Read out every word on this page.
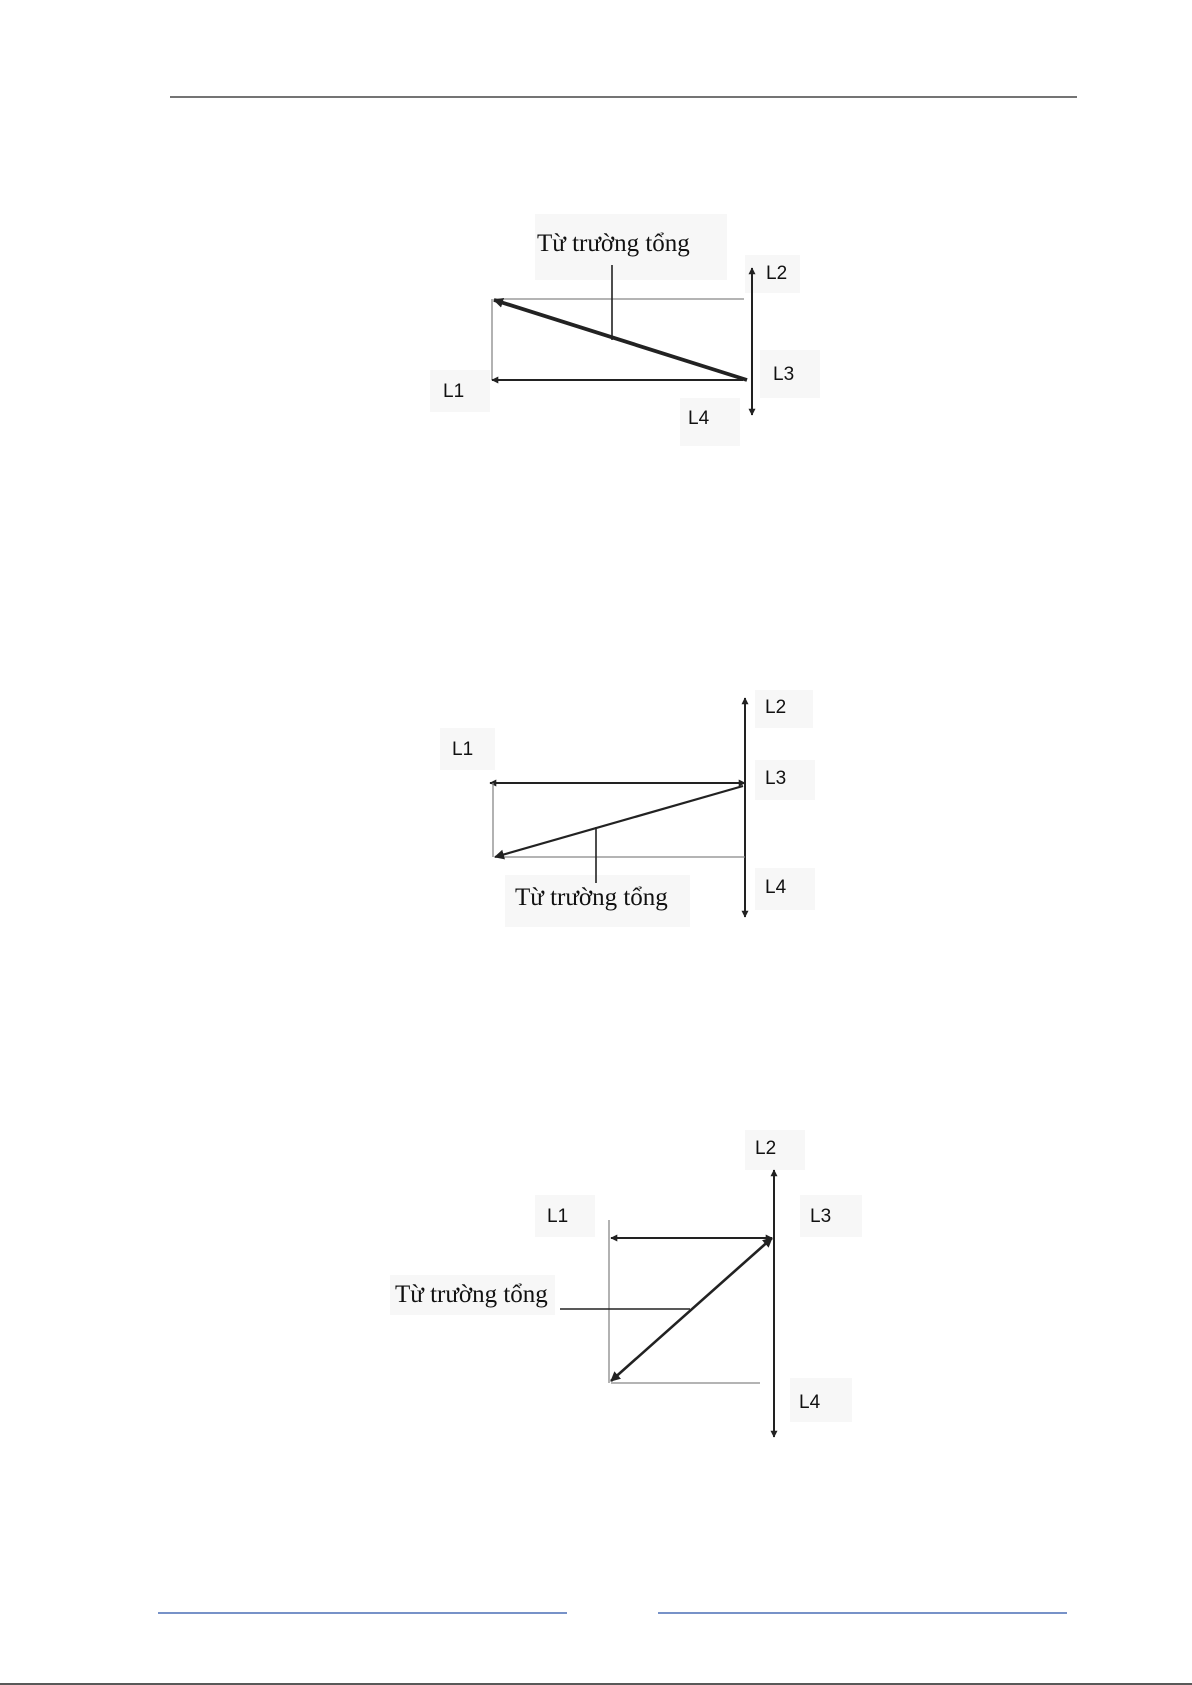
Từ trường tổng
L2
L3
L1
L4
L2
L1
L3
Từ trường tổng	L4
L2
L1	L3
Từ trường tổng
L4
